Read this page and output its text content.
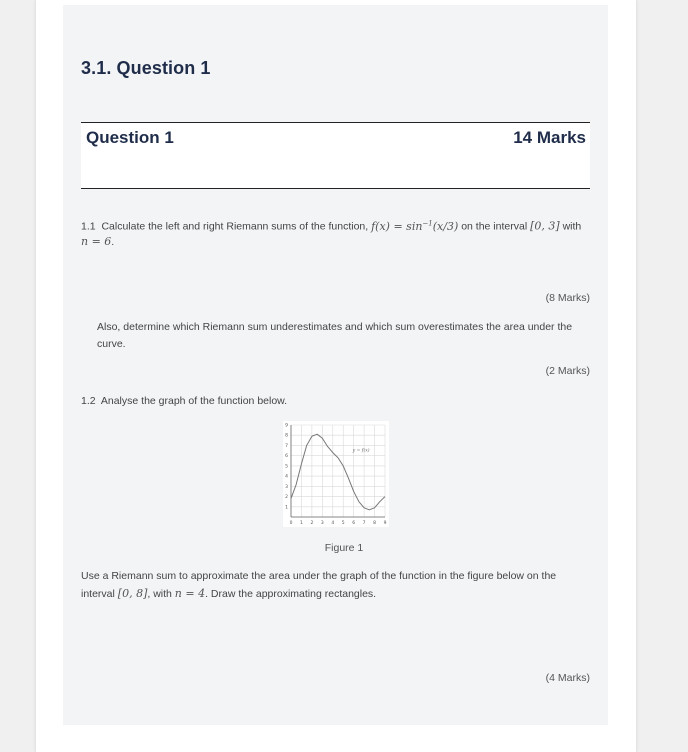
3.1. Question 1
Question 1	14 Marks
1.1 Calculate the left and right Riemann sums of the function, $f(x) = \sin^{-1}(x/3)$ on the interval [0, 3] with
n = 6.
(8 Marks)
Also, determine which Riemann sum underestimates and which sum overestimates the area under the curve.
(2 Marks)
1.2 Analyse the graph of the function below.
0 1 2 3 4 5 6 7 8 9
1
2
3
4
5
6
7
8
9
y = f(x)
Figure 1
Use a Riemann sum to approximate the area under the graph of the function in the figure below on the interval [0, 8], with n = 4. Draw the approximating rectangles.
(4 Marks)
